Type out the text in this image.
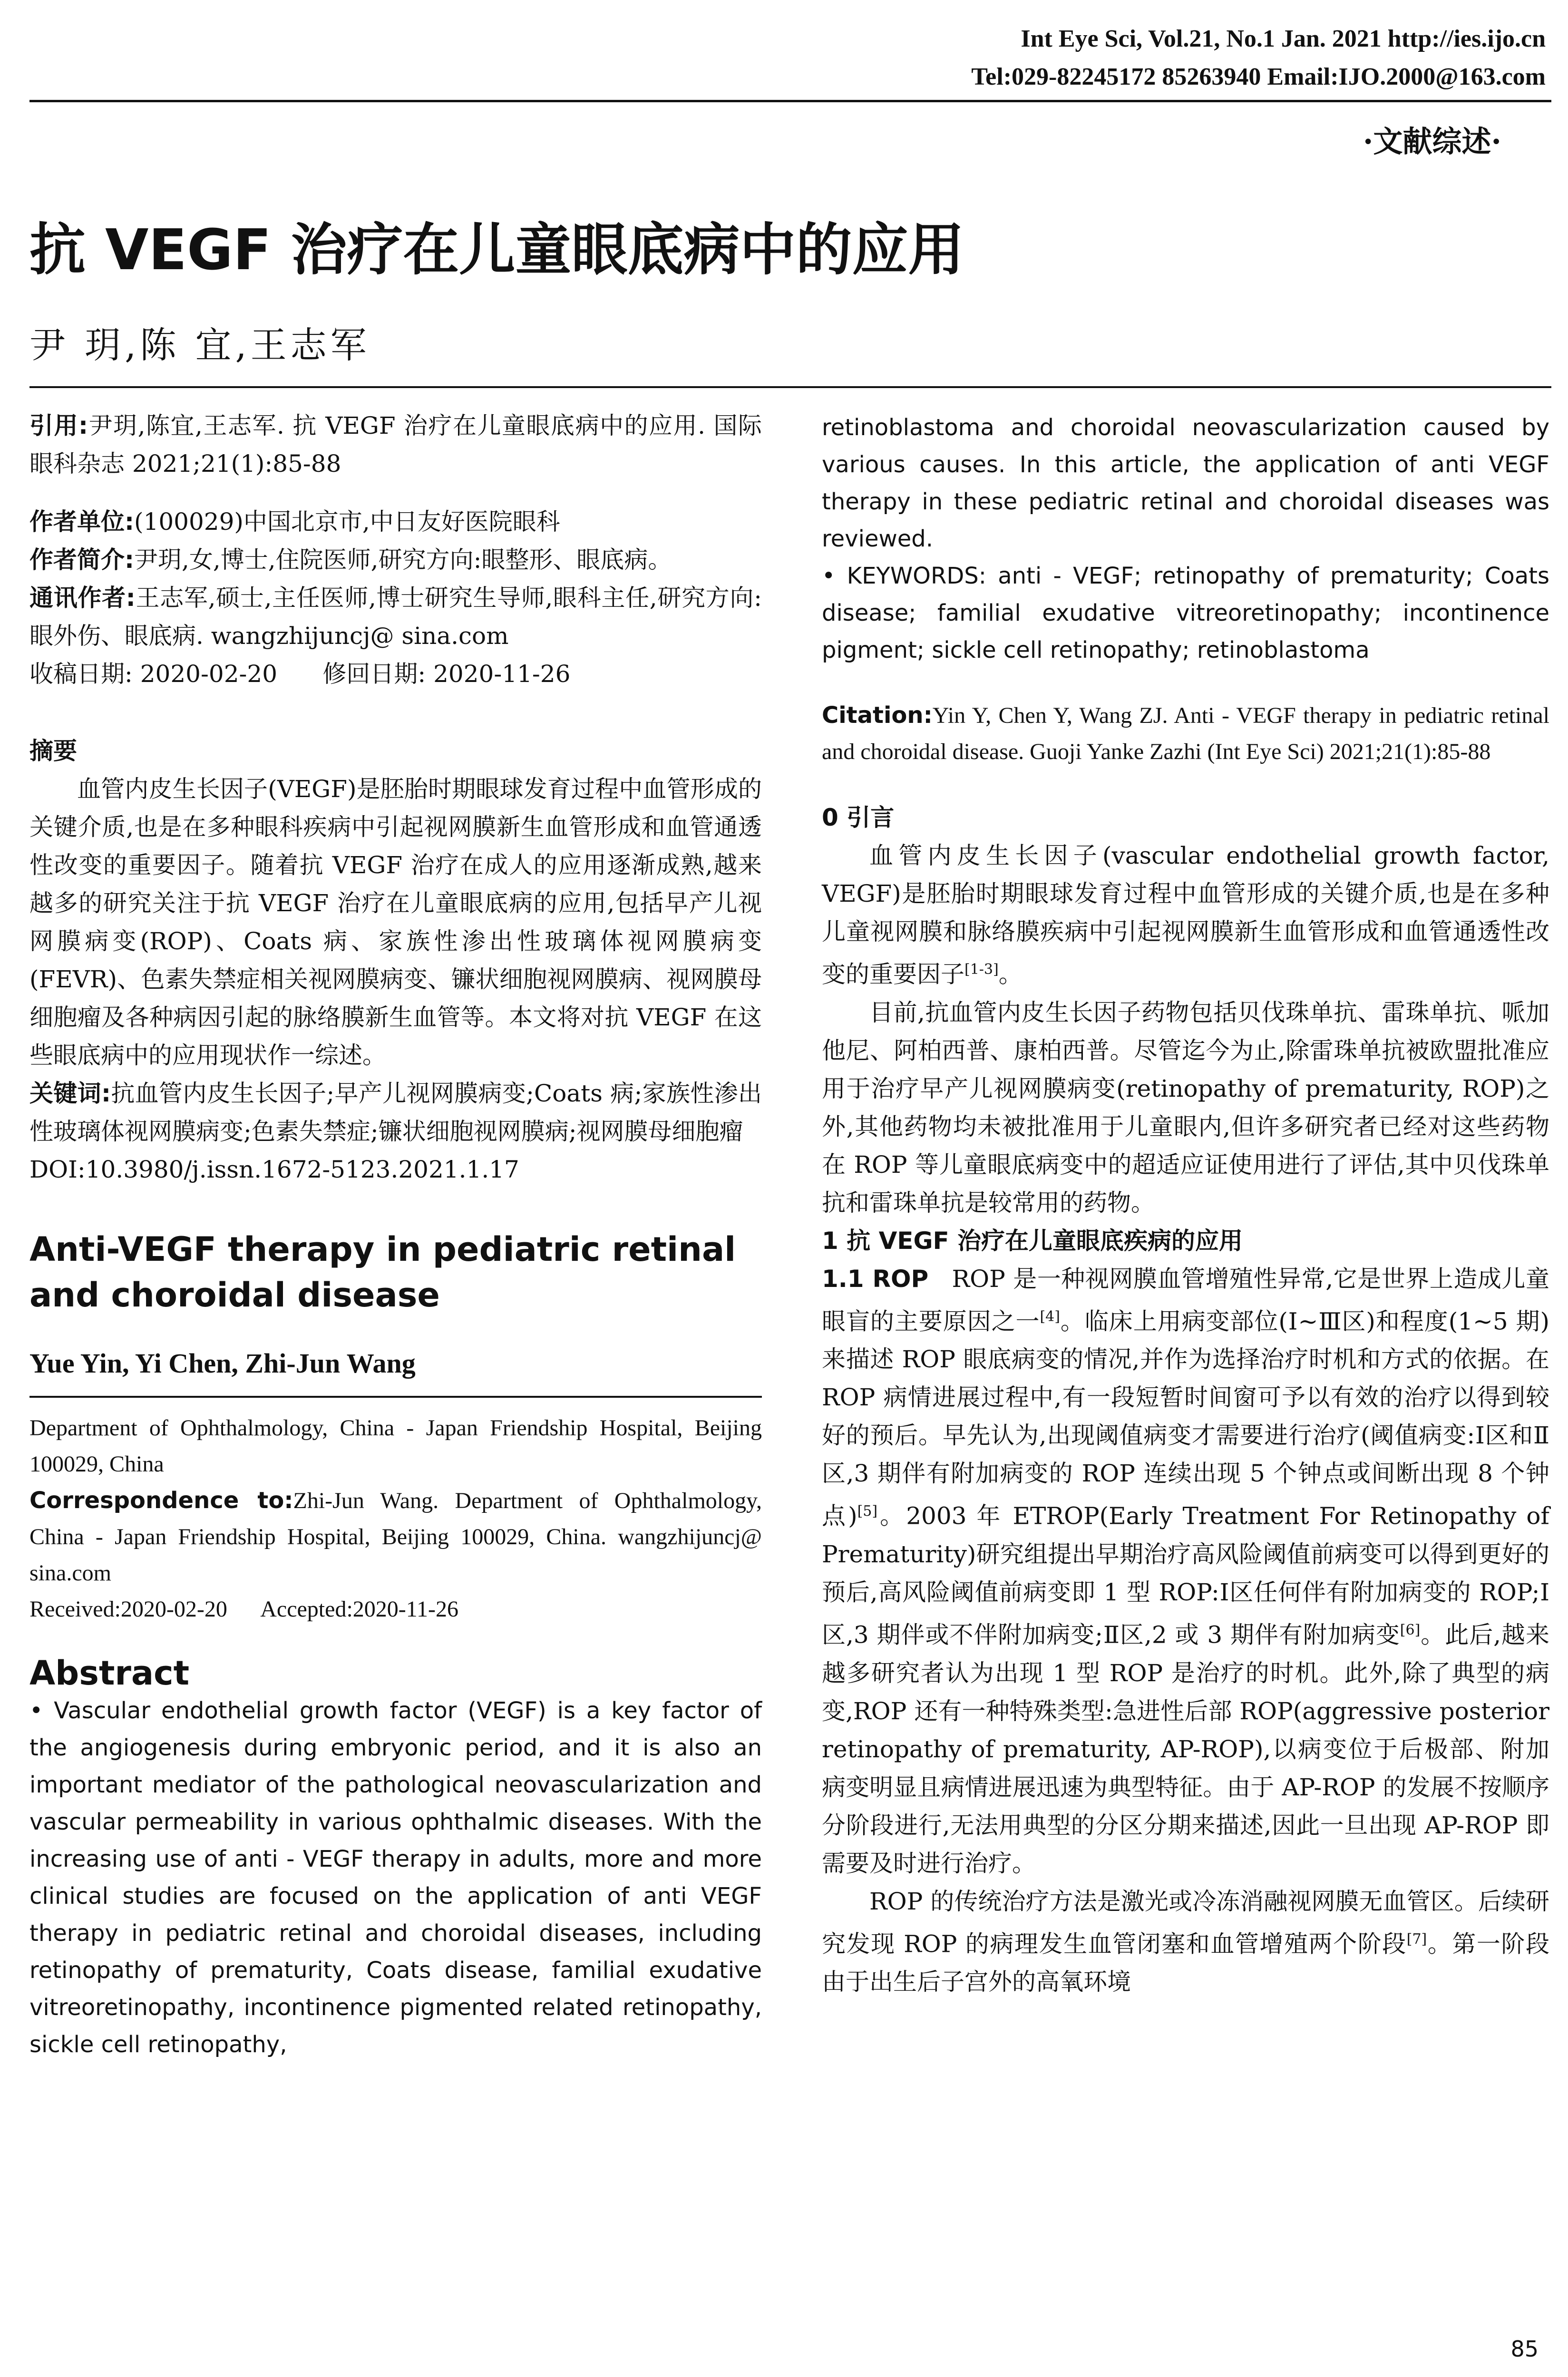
Int Eye Sci, Vol.21, No.1 Jan. 2021 http://ies.ijo.cn
Tel:029-82245172 85263940 Email:IJO.2000@163.com
·文献综述·
抗 VEGF 治疗在儿童眼底病中的应用
尹 玥,陈 宜,王志军

引用:尹玥,陈宜,王志军. 抗 VEGF 治疗在儿童眼底病中的应用. 国际眼科杂志 2021;21(1):85-88

作者单位:(100029)中国北京市,中日友好医院眼科

作者简介:尹玥,女,博士,住院医师,研究方向:眼整形、眼底病。

通讯作者:王志军,硕士,主任医师,博士研究生导师,眼科主任,研究方向:眼外伤、眼底病. wangzhijuncj@ sina.com

收稿日期: 2020-02-20      修回日期: 2020-11-26

摘要

血管内皮生长因子(VEGF)是胚胎时期眼球发育过程中血管形成的关键介质,也是在多种眼科疾病中引起视网膜新生血管形成和血管通透性改变的重要因子。随着抗 VEGF 治疗在成人的应用逐渐成熟,越来越多的研究关注于抗 VEGF 治疗在儿童眼底病的应用,包括早产儿视网膜病变(ROP)、Coats 病、家族性渗出性玻璃体视网膜病变(FEVR)、色素失禁症相关视网膜病变、镰状细胞视网膜病、视网膜母细胞瘤及各种病因引起的脉络膜新生血管等。本文将对抗 VEGF 在这些眼底病中的应用现状作一综述。

关键词:抗血管内皮生长因子;早产儿视网膜病变;Coats 病;家族性渗出性玻璃体视网膜病变;色素失禁症;镰状细胞视网膜病;视网膜母细胞瘤

DOI:10.3980/j.issn.1672-5123.2021.1.17

Anti-VEGF therapy in pediatric retinal and choroidal disease

Yue Yin, Yi Chen, Zhi-Jun Wang

Department of Ophthalmology, China - Japan Friendship Hospital, Beijing 100029, China

Correspondence to:Zhi-Jun Wang. Department of Ophthalmology, China - Japan Friendship Hospital, Beijing 100029, China. wangzhijuncj@ sina.com

Received:2020-02-20      Accepted:2020-11-26

Abstract

• Vascular endothelial growth factor (VEGF) is a key factor of the angiogenesis during embryonic period, and it is also an important mediator of the pathological neovascularization and vascular permeability in various ophthalmic diseases. With the increasing use of anti - VEGF therapy in adults, more and more clinical studies are focused on the application of anti VEGF therapy in pediatric retinal and choroidal diseases, including retinopathy of prematurity, Coats disease, familial exudative vitreoretinopathy, incontinence pigmented related retinopathy, sickle cell retinopathy,

retinoblastoma and choroidal neovascularization caused by various causes. In this article, the application of anti VEGF therapy in these pediatric retinal and choroidal diseases was reviewed.

• KEYWORDS: anti - VEGF; retinopathy of prematurity; Coats disease; familial exudative vitreoretinopathy; incontinence pigment; sickle cell retinopathy; retinoblastoma

Citation:Yin Y, Chen Y, Wang ZJ. Anti - VEGF therapy in pediatric retinal and choroidal disease. Guoji Yanke Zazhi (Int Eye Sci) 2021;21(1):85-88

0 引言

血管内皮生长因子(vascular endothelial growth factor, VEGF)是胚胎时期眼球发育过程中血管形成的关键介质,也是在多种儿童视网膜和脉络膜疾病中引起视网膜新生血管形成和血管通透性改变的重要因子[1-3]。

目前,抗血管内皮生长因子药物包括贝伐珠单抗、雷珠单抗、哌加他尼、阿柏西普、康柏西普。尽管迄今为止,除雷珠单抗被欧盟批准应用于治疗早产儿视网膜病变(retinopathy of prematurity, ROP)之外,其他药物均未被批准用于儿童眼内,但许多研究者已经对这些药物在 ROP 等儿童眼底病变中的超适应证使用进行了评估,其中贝伐珠单抗和雷珠单抗是较常用的药物。

1 抗 VEGF 治疗在儿童眼底疾病的应用

1.1 ROP ROP 是一种视网膜血管增殖性异常,它是世界上造成儿童眼盲的主要原因之一[4]。临床上用病变部位(Ⅰ~Ⅲ区)和程度(1~5 期)来描述 ROP 眼底病变的情况,并作为选择治疗时机和方式的依据。在 ROP 病情进展过程中,有一段短暂时间窗可予以有效的治疗以得到较好的预后。早先认为,出现阈值病变才需要进行治疗(阈值病变:Ⅰ区和Ⅱ区,3 期伴有附加病变的 ROP 连续出现 5 个钟点或间断出现 8 个钟点)[5]。2003 年 ETROP(Early Treatment For Retinopathy of Prematurity)研究组提出早期治疗高风险阈值前病变可以得到更好的预后,高风险阈值前病变即 1 型 ROP:Ⅰ区任何伴有附加病变的 ROP;Ⅰ区,3 期伴或不伴附加病变;Ⅱ区,2 或 3 期伴有附加病变[6]。此后,越来越多研究者认为出现 1 型 ROP 是治疗的时机。此外,除了典型的病变,ROP 还有一种特殊类型:急进性后部 ROP(aggressive posterior retinopathy of prematurity, AP-ROP),以病变位于后极部、附加病变明显且病情进展迅速为典型特征。由于 AP-ROP 的发展不按顺序分阶段进行,无法用典型的分区分期来描述,因此一旦出现 AP-ROP 即需要及时进行治疗。

ROP 的传统治疗方法是激光或冷冻消融视网膜无血管区。后续研究发现 ROP 的病理发生血管闭塞和血管增殖两个阶段[7]。第一阶段由于出生后子宫外的高氧环境

85
